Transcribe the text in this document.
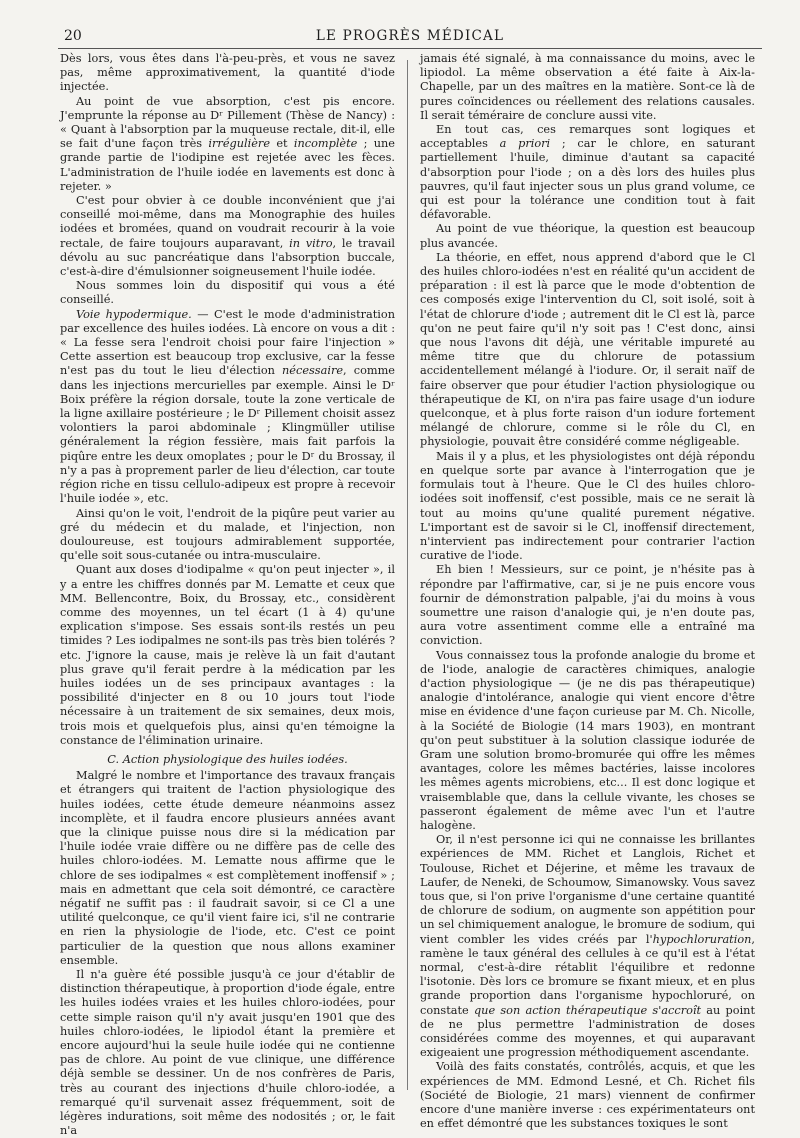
20	LE PROGRÈS MÉDICAL

Dès lors, vous êtes dans l'à-peu-près, et vous ne savez pas, même approximativement, la quantité d'iode injectée.

Au point de vue absorption, c'est pis encore. J'emprunte la réponse au Dʳ Pillement (Thèse de Nancy) : « Quant à l'absorption par la muqueuse rectale, dit-il, elle se fait d'une façon très irrégulière et incomplète ; une grande partie de l'iodipine est rejetée avec les fèces. L'administration de l'huile iodée en lavements est donc à rejeter. »

C'est pour obvier à ce double inconvénient que j'ai conseillé moi-même, dans ma Monographie des huiles iodées et bromées, quand on voudrait recourir à la voie rectale, de faire toujours auparavant, in vitro, le travail dévolu au suc pancréatique dans l'absorption buccale, c'est-à-dire d'émulsionner soigneusement l'huile iodée.

Nous sommes loin du dispositif qui vous a été conseillé.

Voie hypodermique. — C'est le mode d'administration par excellence des huiles iodées. Là encore on vous a dit : « La fesse sera l'endroit choisi pour faire l'injection » Cette assertion est beaucoup trop exclusive, car la fesse n'est pas du tout le lieu d'élection nécessaire, comme dans les injections mercurielles par exemple. Ainsi le Dʳ Boix préfère la région dorsale, toute la zone verticale de la ligne axillaire postérieure ; le Dʳ Pillement choisit assez volontiers la paroi abdominale ; Klingmüller utilise généralement la région fessière, mais fait parfois la piqûre entre les deux omoplates ; pour le Dʳ du Brossay, il n'y a pas à proprement parler de lieu d'élection, car toute région riche en tissu cellulo-adipeux est propre à recevoir l'huile iodée », etc.

Ainsi qu'on le voit, l'endroit de la piqûre peut varier au gré du médecin et du malade, et l'injection, non douloureuse, est toujours admirablement supportée, qu'elle soit sous-cutanée ou intra-musculaire.

Quant aux doses d'iodipalme « qu'on peut injecter », il y a entre les chiffres donnés par M. Lematte et ceux que MM. Bellencontre, Boix, du Brossay, etc., considèrent comme des moyennes, un tel écart (1 à 4) qu'une explication s'impose. Ses essais sont-ils restés un peu timides ? Les iodipalmes ne sont-ils pas très bien tolérés ? etc. J'ignore la cause, mais je relève là un fait d'autant plus grave qu'il ferait perdre à la médication par les huiles iodées un de ses principaux avantages : la possibilité d'injecter en 8 ou 10 jours tout l'iode nécessaire à un traitement de six semaines, deux mois, trois mois et quelquefois plus, ainsi qu'en témoigne la constance de l'élimination urinaire.

C. Action physiologique des huiles iodées.

Malgré le nombre et l'importance des travaux français et étrangers qui traitent de l'action physiologique des huiles iodées, cette étude demeure néanmoins assez incomplète, et il faudra encore plusieurs années avant que la clinique puisse nous dire si la médication par l'huile iodée vraie diffère ou ne diffère pas de celle des huiles chloro-iodées. M. Lematte nous affirme que le chlore de ses iodipalmes « est complètement inoffensif » ; mais en admettant que cela soit démontré, ce caractère négatif ne suffit pas : il faudrait savoir, si ce Cl a une utilité quelconque, ce qu'il vient faire ici, s'il ne contrarie en rien la physiologie de l'iode, etc. C'est ce point particulier de la question que nous allons examiner ensemble.

Il n'a guère été possible jusqu'à ce jour d'établir de distinction thérapeutique, à proportion d'iode égale, entre les huiles iodées vraies et les huiles chloro-iodées, pour cette simple raison qu'il n'y avait jusqu'en 1901 que des huiles chloro-iodées, le lipiodol étant la première et encore aujourd'hui la seule huile iodée qui ne contienne pas de chlore. Au point de vue clinique, une différence déjà semble se dessiner. Un de nos confrères de Paris, très au courant des injections d'huile chloro-iodée, a remarqué qu'il survenait assez fréquemment, soit de légères indurations, soit même des nodosités ; or, le fait n'a

jamais été signalé, à ma connaissance du moins, avec le lipiodol. La même observation a été faite à Aix-la-Chapelle, par un des maîtres en la matière. Sont-ce là de pures coïncidences ou réellement des relations causales. Il serait téméraire de conclure aussi vite.

En tout cas, ces remarques sont logiques et acceptables a priori ; car le chlore, en saturant partiellement l'huile, diminue d'autant sa capacité d'absorption pour l'iode ; on a dès lors des huiles plus pauvres, qu'il faut injecter sous un plus grand volume, ce qui est pour la tolérance une condition tout à fait défavorable.

Au point de vue théorique, la question est beaucoup plus avancée.

La théorie, en effet, nous apprend d'abord que le Cl des huiles chloro-iodées n'est en réalité qu'un accident de préparation : il est là parce que le mode d'obtention de ces composés exige l'intervention du Cl, soit isolé, soit à l'état de chlorure d'iode ; autrement dit le Cl est là, parce qu'on ne peut faire qu'il n'y soit pas ! C'est donc, ainsi que nous l'avons dit déjà, une véritable impureté au même titre que du chlorure de potassium accidentellement mélangé à l'iodure. Or, il serait naïf de faire observer que pour étudier l'action physiologique ou thérapeutique de KI, on n'ira pas faire usage d'un iodure quelconque, et à plus forte raison d'un iodure fortement mélangé de chlorure, comme si le rôle du Cl, en physiologie, pouvait être considéré comme négligeable.

Mais il y a plus, et les physiologistes ont déjà répondu en quelque sorte par avance à l'interrogation que je formulais tout à l'heure. Que le Cl des huiles chloro-iodées soit inoffensif, c'est possible, mais ce ne serait là tout au moins qu'une qualité purement négative. L'important est de savoir si le Cl, inoffensif directement, n'intervient pas indirectement pour contrarier l'action curative de l'iode.

Eh bien ! Messieurs, sur ce point, je n'hésite pas à répondre par l'affirmative, car, si je ne puis encore vous fournir de démonstration palpable, j'ai du moins à vous soumettre une raison d'analogie qui, je n'en doute pas, aura votre assentiment comme elle a entraîné ma conviction.

Vous connaissez tous la profonde analogie du brome et de l'iode, analogie de caractères chimiques, analogie d'action physiologique — (je ne dis pas thérapeutique) analogie d'intolérance, analogie qui vient encore d'être mise en évidence d'une façon curieuse par M. Ch. Nicolle, à la Société de Biologie (14 mars 1903), en montrant qu'on peut substituer à la solution classique iodurée de Gram une solution bromo-bromurée qui offre les mêmes avantages, colore les mêmes bactéries, laisse incolores les mêmes agents microbiens, etc... Il est donc logique et vraisemblable que, dans la cellule vivante, les choses se passeront également de même avec l'un et l'autre halogène.

Or, il n'est personne ici qui ne connaisse les brillantes expériences de MM. Richet et Langlois, Richet et Toulouse, Richet et Déjerine, et même les travaux de Laufer, de Neneki, de Schoumow, Simanowsky. Vous savez tous que, si l'on prive l'organisme d'une certaine quantité de chlorure de sodium, on augmente son appétition pour un sel chimiquement analogue, le bromure de sodium, qui vient combler les vides créés par l'hypochloruration, ramène le taux général des cellules à ce qu'il est à l'état normal, c'est-à-dire rétablit l'équilibre et redonne l'isotonie. Dès lors ce bromure se fixant mieux, et en plus grande proportion dans l'organisme hypochloruré, on constate que son action thérapeutique s'accroît au point de ne plus permettre l'administration de doses considérées comme des moyennes, et qui auparavant exigeaient une progression méthodiquement ascendante.

Voilà des faits constatés, contrôlés, acquis, et que les expériences de MM. Edmond Lesné, et Ch. Richet fils (Société de Biologie, 21 mars) viennent de confirmer encore d'une manière inverse : ces expérimentateurs ont en effet démontré que les substances toxiques le sont
